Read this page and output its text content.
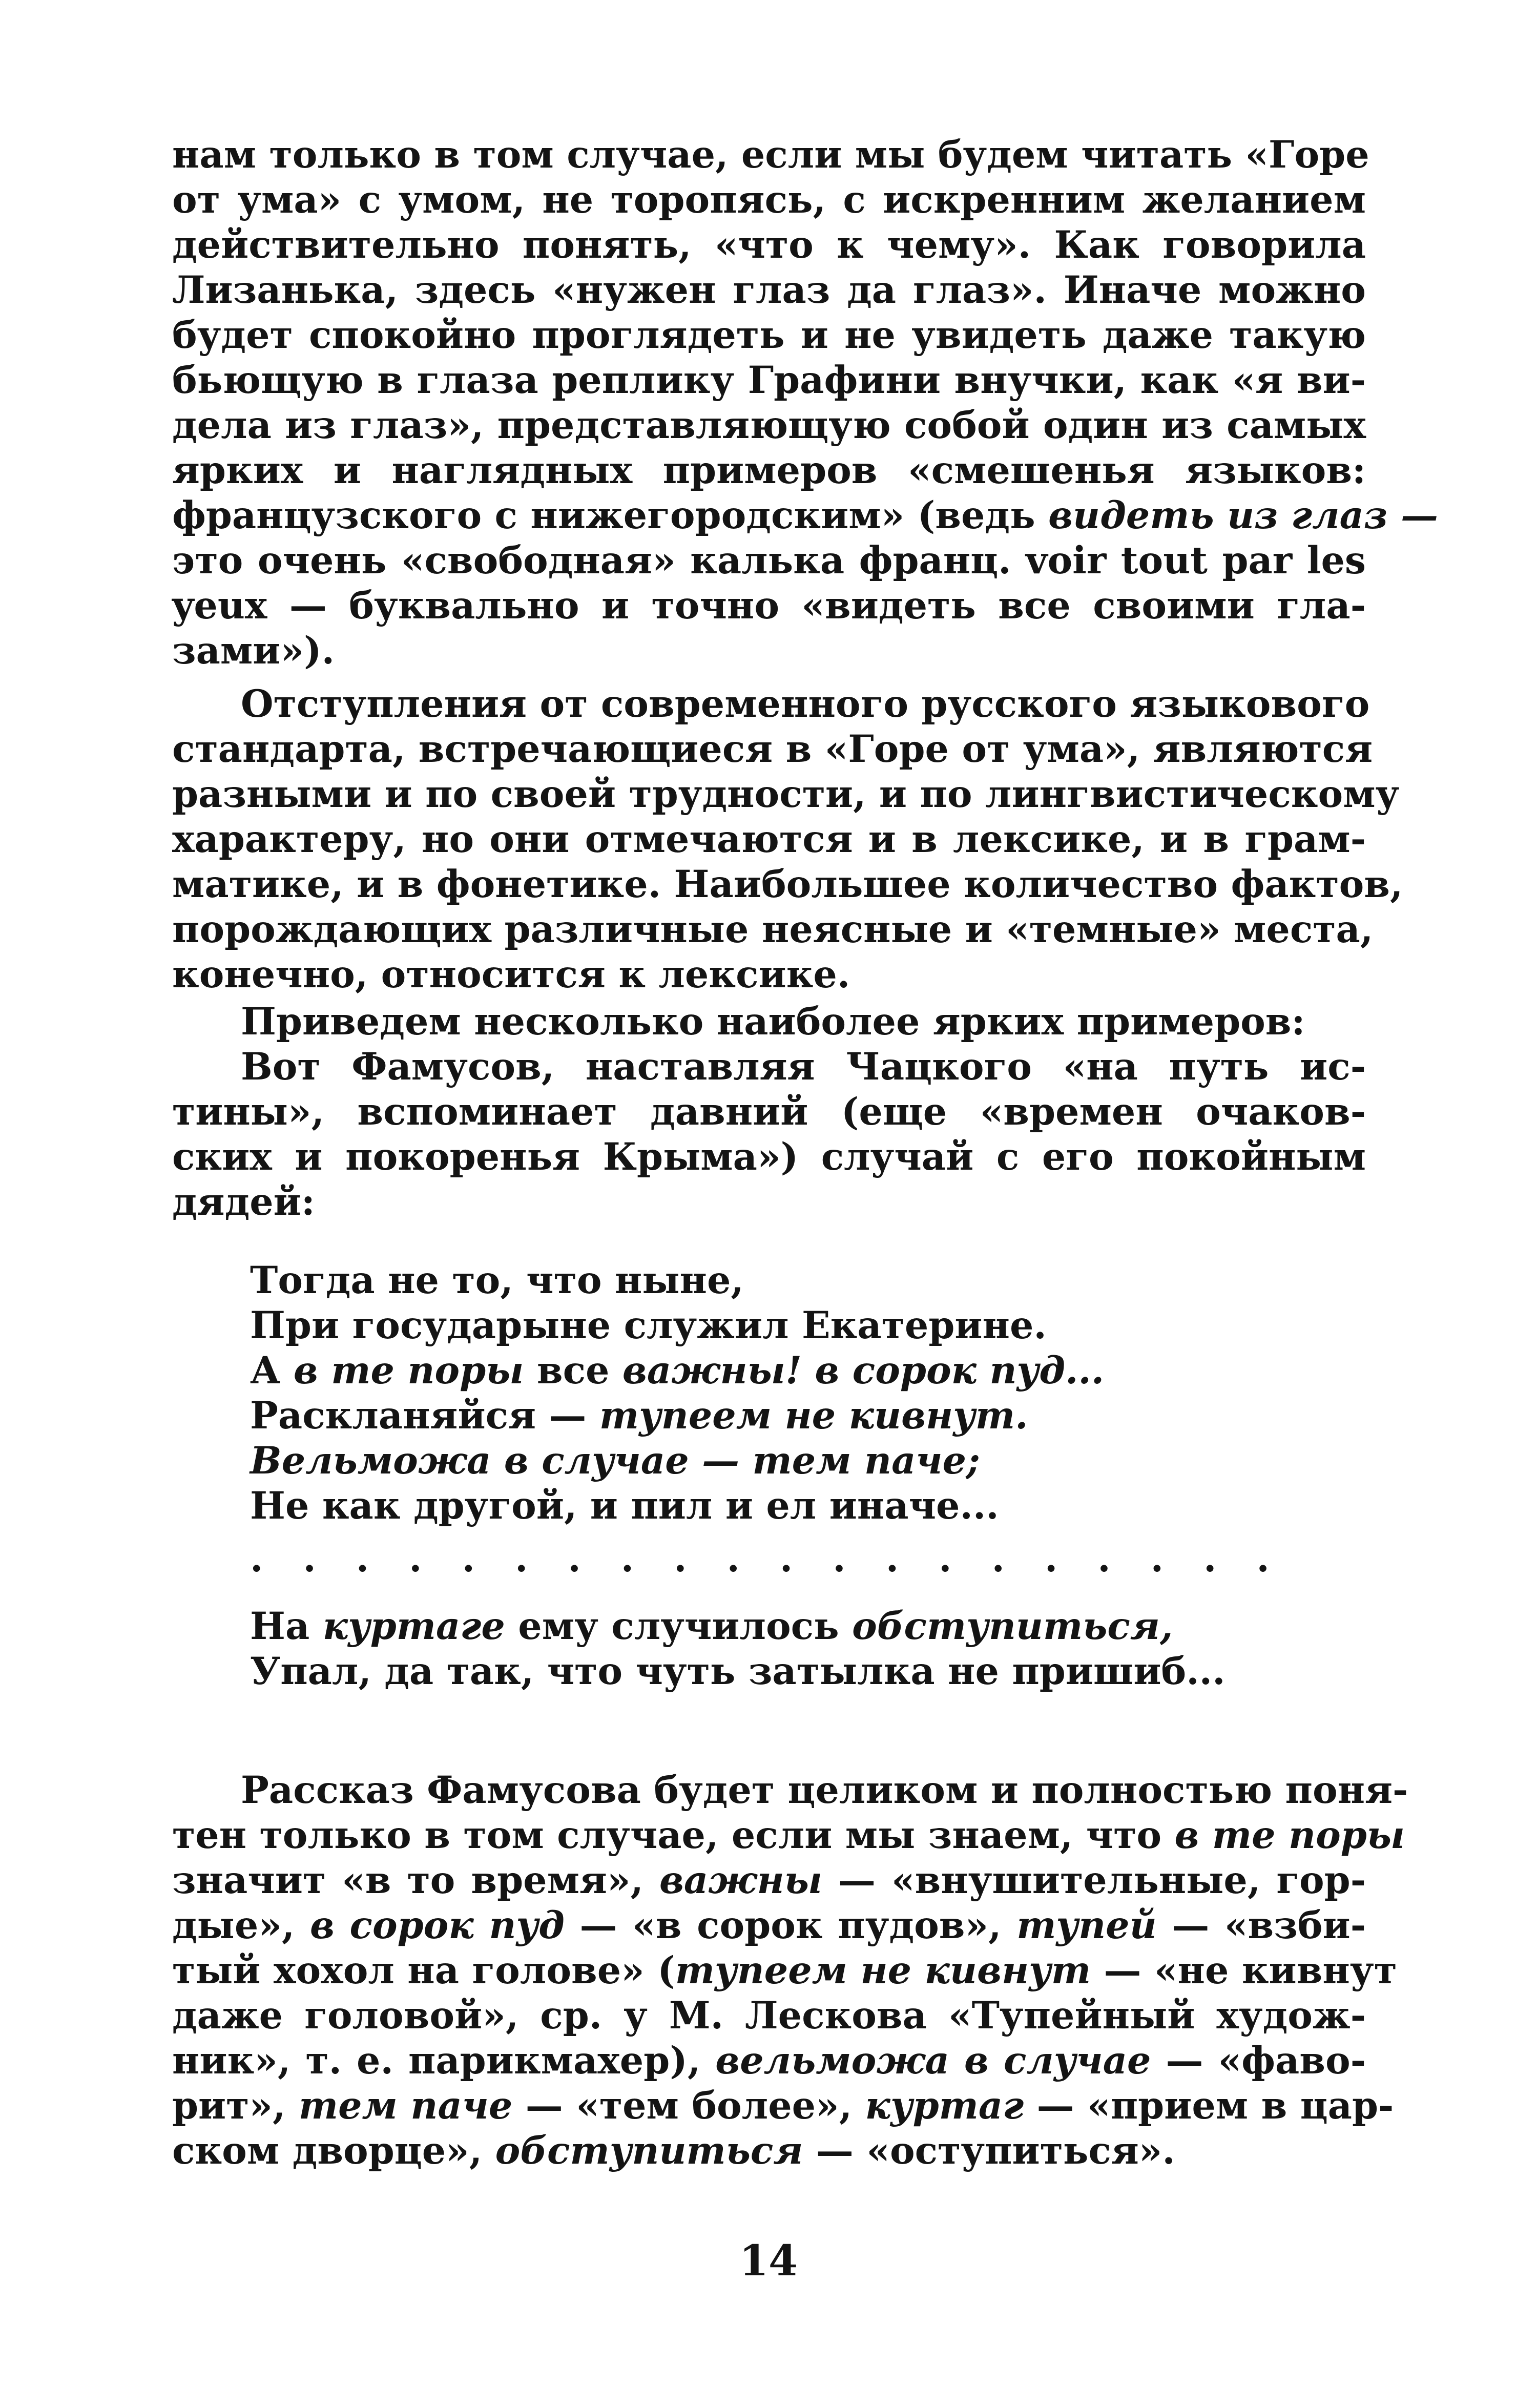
нам только в том случае, если мы будем читать «Горе
от ума» с умом, не торопясь, с искренним желанием
действительно понять, «что к чему». Как говорила
Лизанька, здесь «нужен глаз да глаз». Иначе можно
будет спокойно проглядеть и не увидеть даже такую
бьющую в глаза реплику Графини внучки, как «я ви-
дела из глаз», представляющую собой один из самых
ярких и наглядных примеров «смешенья языков:
французского с нижегородским» (ведь видеть из глаз —
это очень «свободная» калька франц. voir tout par les
yeux — буквально и точно «видеть все своими гла-
зами»).
Отступления от современного русского языкового
стандарта, встречающиеся в «Горе от ума», являются
разными и по своей трудности, и по лингвистическому
характеру, но они отмечаются и в лексике, и в грам-
матике, и в фонетике. Наибольшее количество фактов,
порождающих различные неясные и «темные» места,
конечно, относится к лексике.
Приведем несколько наиболее ярких примеров:
Вот Фамусов, наставляя Чацкого «на путь ис-
тины», вспоминает давний (еще «времен очаков-
ских и покоренья Крыма») случай с его покойным
дядей:
Тогда не то, что ныне,
При государыне служил Екатерине.
А в те поры все важны! в сорок пуд...
Раскланяйся — тупеем не кивнут.
Вельможа в случае — тем паче;
Не как другой, и пил и ел иначе...
. . . . . . . . . . . . . . . . . . . .
На куртаге ему случилось обступиться,
Упал, да так, что чуть затылка не пришиб...
Рассказ Фамусова будет целиком и полностью поня-
тен только в том случае, если мы знаем, что в те поры
значит «в то время», важны — «внушительные, гор-
дые», в сорок пуд — «в сорок пудов», тупей — «взби-
тый хохол на голове» (тупеем не кивнут — «не кивнут
даже головой», ср. у М. Лескова «Тупейный худож-
ник», т. е. парикмахер), вельможа в случае — «фаво-
рит», тем паче — «тем более», куртаг — «прием в цар-
ском дворце», обступиться — «оступиться».
14
